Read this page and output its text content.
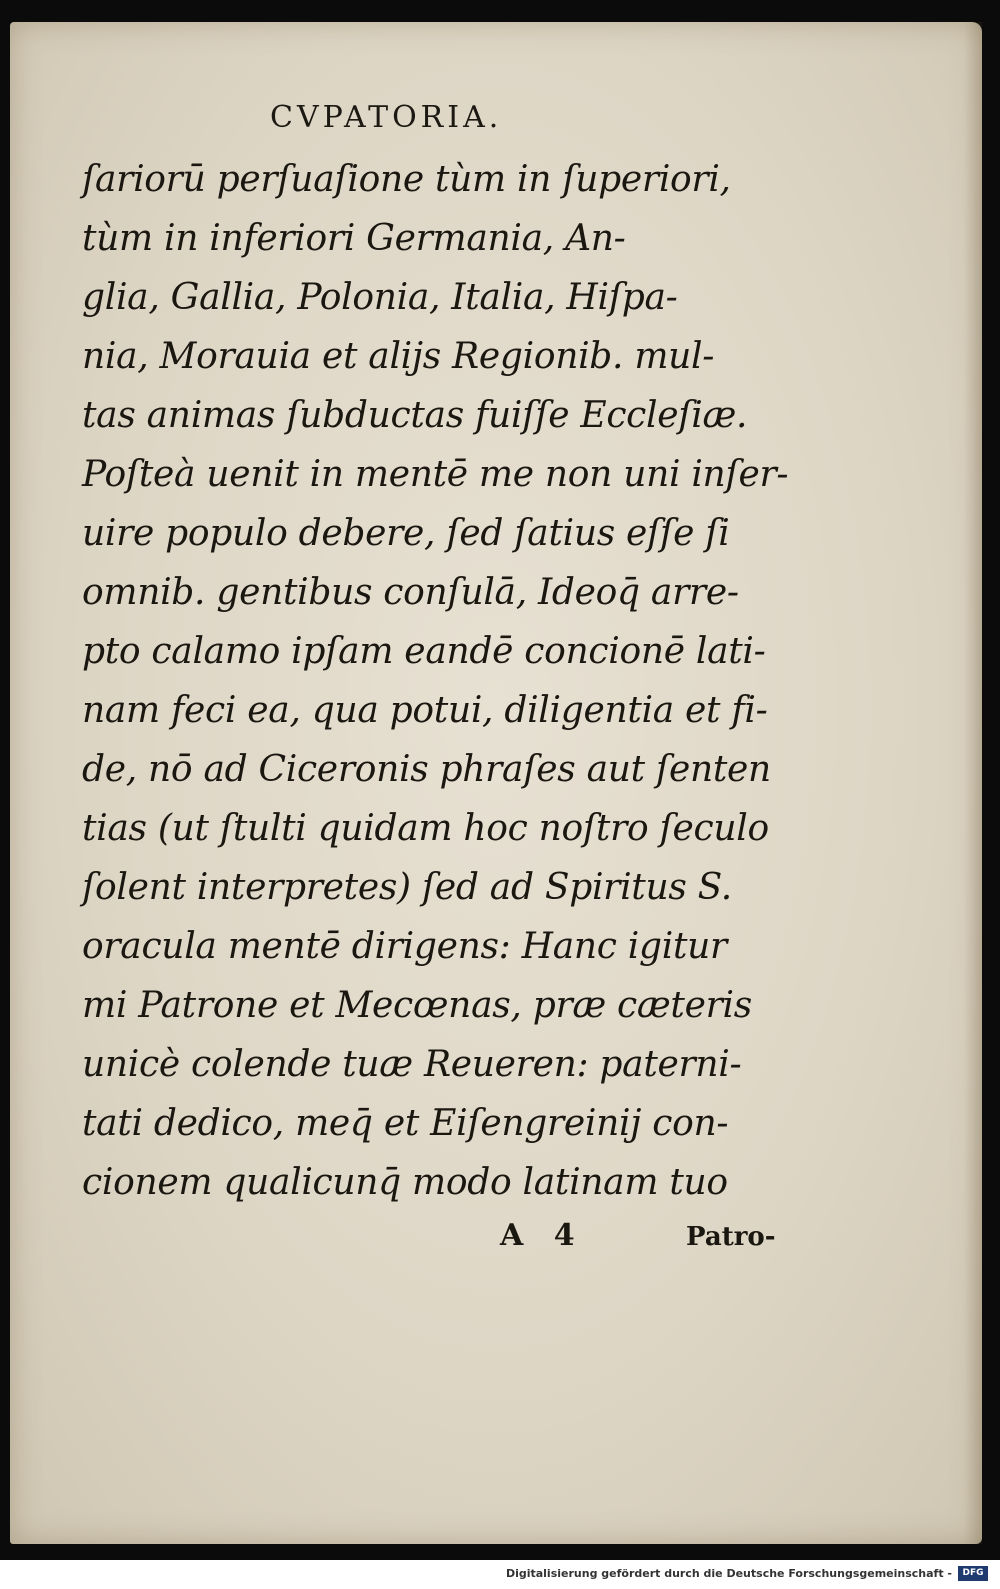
CVPATORIA.
ſariorū perſuaſione tùm in ſuperiori,
tùm in inferiori Germania, An-
glia, Gallia, Polonia, Italia, Hiſpa-
nia, Morauia et alijs Regionib. mul-
tas animas ſubductas fuiſſe Eccleſiæ.
Poſteà uenit in mentē me non uni inſer-
uire populo debere, ſed ſatius eſſe ſi
omnib. gentibus conſulā, Ideoq̄ arre-
pto calamo ipſam eandē concionē lati-
nam feci ea, qua potui, diligentia et fi-
de, nō ad Ciceronis phraſes aut ſenten
tias (ut ſtulti quidam hoc noſtro ſeculo
ſolent interpretes) ſed ad Spiritus S.
oracula mentē dirigens: Hanc igitur
mi Patrone et Mecœnas, præ cæteris
unicè colende tuæ Reueren: paterni-
tati dedico, meq̄ et Eiſengreinij con-
cionem qualicunq̄ modo latinam tuo
A 4	Patro-
Digitalisierung gefördert durch die Deutsche Forschungsgemeinschaft -	DFG
